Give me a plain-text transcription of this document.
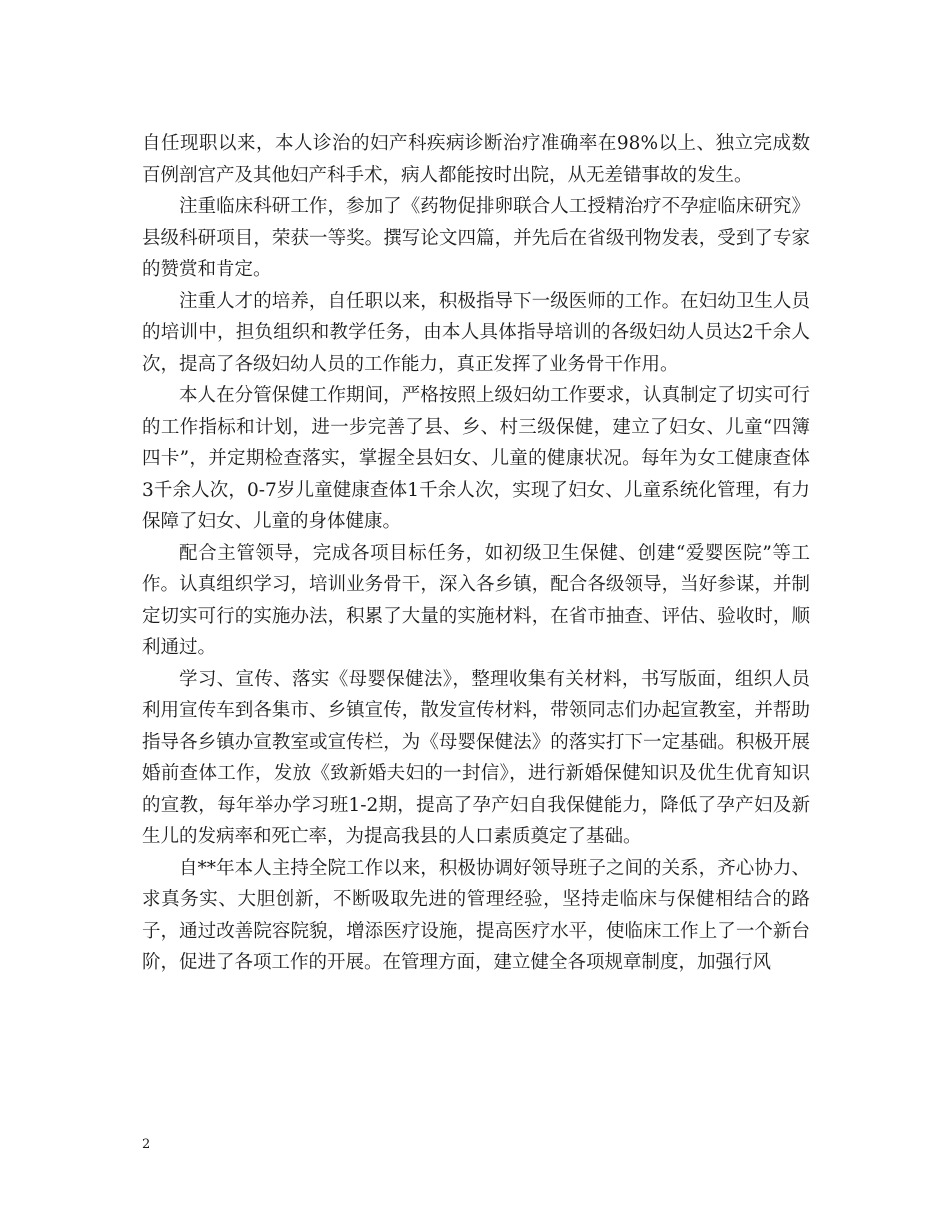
自任现职以来，本人诊治的妇产科疾病诊断治疗准确率在98%以上、独立完成数百例剖宫产及其他妇产科手术，病人都能按时出院，从无差错事故的发生。

注重临床科研工作，参加了《药物促排卵联合人工授精治疗不孕症临床研究》县级科研项目，荣获一等奖。撰写论文四篇，并先后在省级刊物发表，受到了专家的赞赏和肯定。

注重人才的培养，自任职以来，积极指导下一级医师的工作。在妇幼卫生人员的培训中，担负组织和教学任务，由本人具体指导培训的各级妇幼人员达2千余人次，提高了各级妇幼人员的工作能力，真正发挥了业务骨干作用。

本人在分管保健工作期间，严格按照上级妇幼工作要求，认真制定了切实可行的工作指标和计划，进一步完善了县、乡、村三级保健，建立了妇女、儿童“四簿四卡”，并定期检查落实，掌握全县妇女、儿童的健康状况。每年为女工健康查体3千余人次，0-7岁儿童健康查体1千余人次，实现了妇女、儿童系统化管理，有力保障了妇女、儿童的身体健康。

配合主管领导，完成各项目标任务，如初级卫生保健、创建“爱婴医院”等工作。认真组织学习，培训业务骨干，深入各乡镇，配合各级领导，当好参谋，并制定切实可行的实施办法，积累了大量的实施材料，在省市抽查、评估、验收时，顺利通过。

学习、宣传、落实《母婴保健法》，整理收集有关材料，书写版面，组织人员利用宣传车到各集市、乡镇宣传，散发宣传材料，带领同志们办起宣教室，并帮助指导各乡镇办宣教室或宣传栏，为《母婴保健法》的落实打下一定基础。积极开展婚前查体工作，发放《致新婚夫妇的一封信》，进行新婚保健知识及优生优育知识的宣教，每年举办学习班1-2期，提高了孕产妇自我保健能力，降低了孕产妇及新生儿的发病率和死亡率，为提高我县的人口素质奠定了基础。

自**年本人主持全院工作以来，积极协调好领导班子之间的关系，齐心协力、求真务实、大胆创新，不断吸取先进的管理经验，坚持走临床与保健相结合的路子，通过改善院容院貌，增添医疗设施，提高医疗水平，使临床工作上了一个新台阶，促进了各项工作的开展。在管理方面，建立健全各项规章制度，加强行风

2
